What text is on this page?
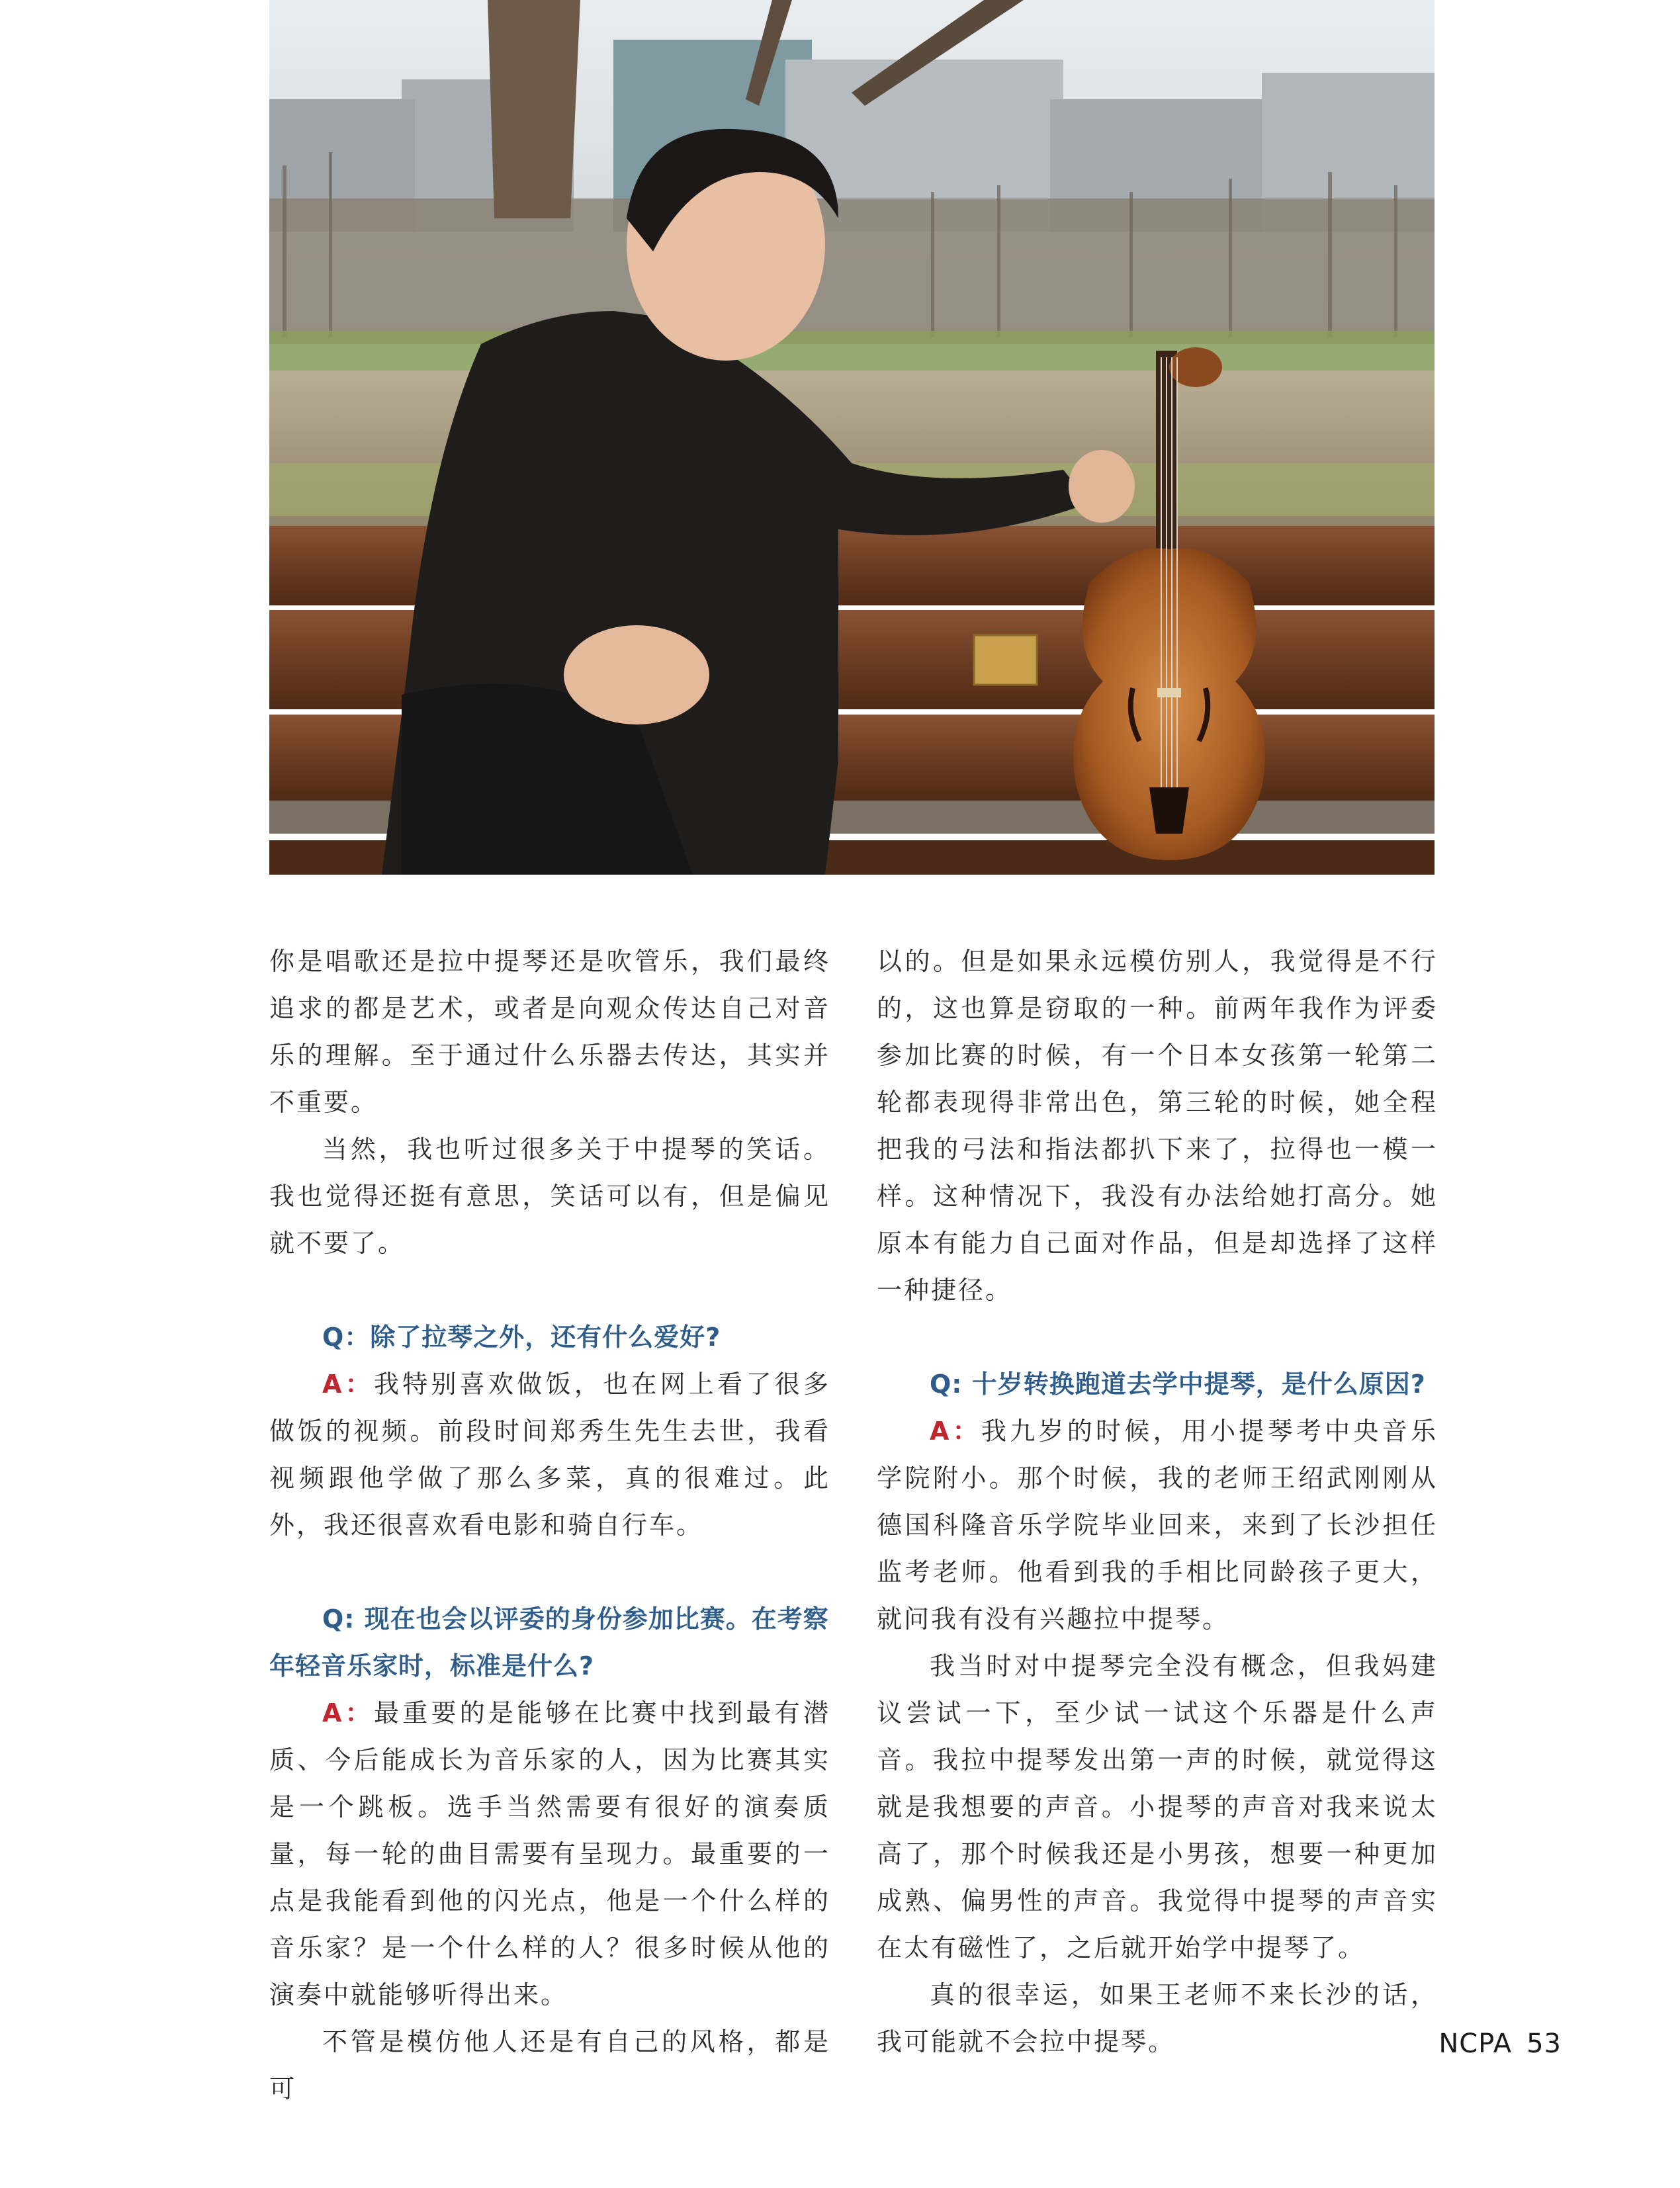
你是唱歌还是拉中提琴还是吹管乐，我们最终追求的都是艺术，或者是向观众传达自己对音乐的理解。至于通过什么乐器去传达，其实并不重要。

当然，我也听过很多关于中提琴的笑话。我也觉得还挺有意思，笑话可以有，但是偏见就不要了。

Q：除了拉琴之外，还有什么爱好?

A：我特别喜欢做饭，也在网上看了很多做饭的视频。前段时间郑秀生先生去世，我看视频跟他学做了那么多菜，真的很难过。此外，我还很喜欢看电影和骑自行车。

Q: 现在也会以评委的身份参加比赛。在考察年轻音乐家时，标准是什么?

A：最重要的是能够在比赛中找到最有潜质、今后能成长为音乐家的人，因为比赛其实是一个跳板。选手当然需要有很好的演奏质量，每一轮的曲目需要有呈现力。最重要的一点是我能看到他的闪光点，他是一个什么样的音乐家？是一个什么样的人？很多时候从他的演奏中就能够听得出来。

不管是模仿他人还是有自己的风格，都是可

以的。但是如果永远模仿别人，我觉得是不行的，这也算是窃取的一种。前两年我作为评委参加比赛的时候，有一个日本女孩第一轮第二轮都表现得非常出色，第三轮的时候，她全程把我的弓法和指法都扒下来了，拉得也一模一样。这种情况下，我没有办法给她打高分。她原本有能力自己面对作品，但是却选择了这样一种捷径。

Q: 十岁转换跑道去学中提琴，是什么原因?

A：我九岁的时候，用小提琴考中央音乐学院附小。那个时候，我的老师王绍武刚刚从德国科隆音乐学院毕业回来，来到了长沙担任监考老师。他看到我的手相比同龄孩子更大，就问我有没有兴趣拉中提琴。

我当时对中提琴完全没有概念，但我妈建议尝试一下，至少试一试这个乐器是什么声音。我拉中提琴发出第一声的时候，就觉得这就是我想要的声音。小提琴的声音对我来说太高了，那个时候我还是小男孩，想要一种更加成熟、偏男性的声音。我觉得中提琴的声音实在太有磁性了，之后就开始学中提琴了。

真的很幸运，如果王老师不来长沙的话，我可能就不会拉中提琴。	NCPA 53
